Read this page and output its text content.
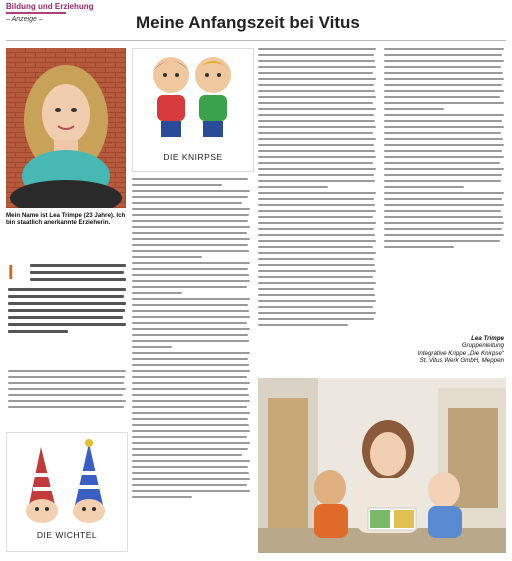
Bildung und Erziehung
– Anzeige –	Meine Anfangszeit bei Vitus
Mein Name ist Lea Trimpe (23 Jahre). Ich bin staatlich anerkannte Erzieherin.
I
DIE WICHTEL
DIE KNIRPSE
Lea Trimpe
Gruppenleitung
Integrative Krippe „Die Knirpse“
St. Vitus Werk GmbH, Meppen
